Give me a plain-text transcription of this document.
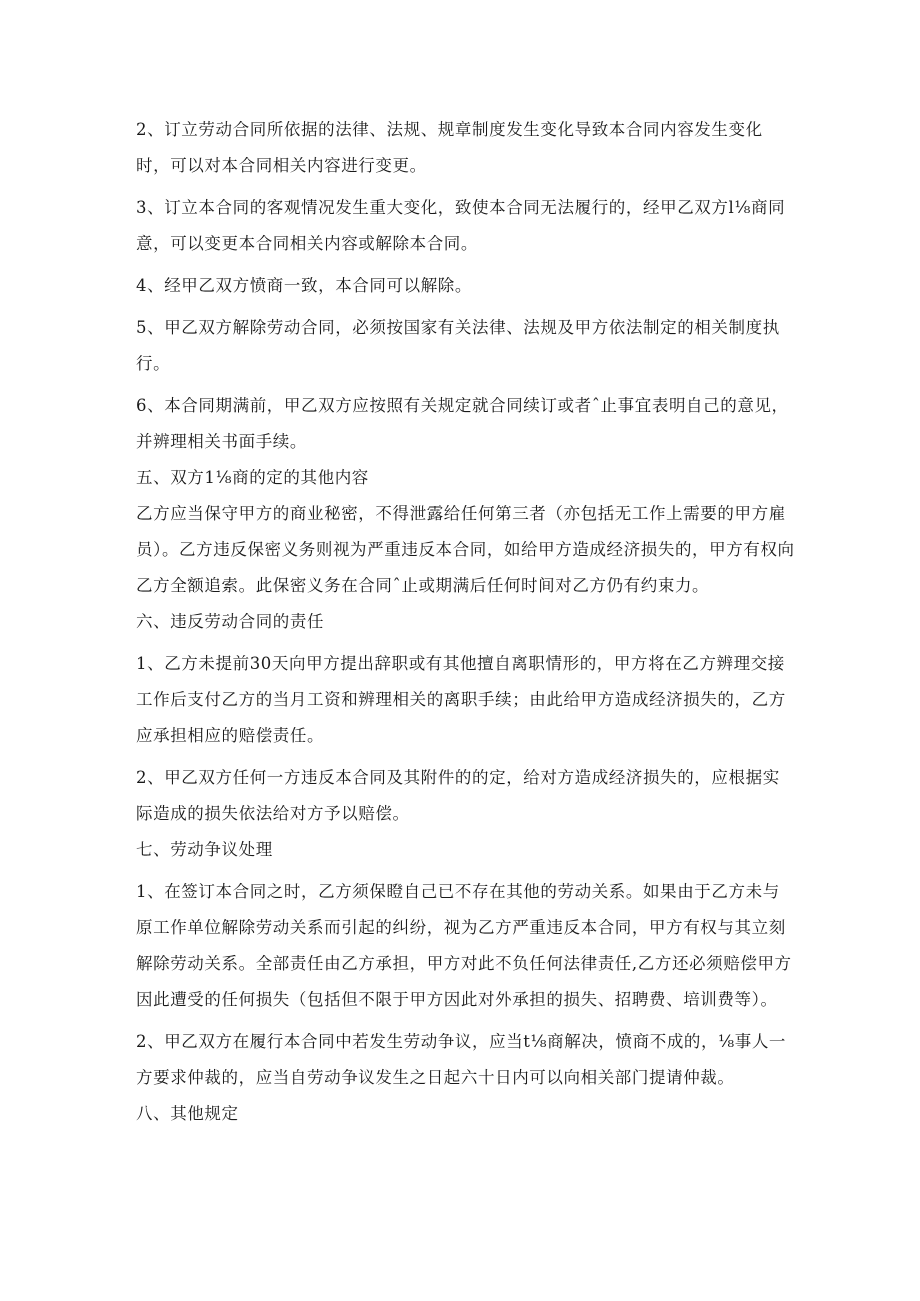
2、订立劳动合同所依据的法律、法规、规章制度发生变化导致本合同内容发生变化时，可以对本合同相关内容进行变更。

3、订立本合同的客观情况发生重大变化，致使本合同无法履行的，经甲乙双方l⅛商同意，可以变更本合同相关内容或解除本合同。

4、经甲乙双方愤商一致，本合同可以解除。

5、甲乙双方解除劳动合同，必须按国家有关法律、法规及甲方依法制定的相关制度执行。

6、本合同期满前，甲乙双方应按照有关规定就合同续订或者ˆ止事宜表明自己的意见，并辨理相关书面手续。

五、双方1⅛商的定的其他内容

乙方应当保守甲方的商业秘密，不得泄露给任何第三者（亦包括无工作上需要的甲方雇员）。乙方违反保密义务则视为严重违反本合同，如给甲方造成经济损失的，甲方有权向乙方全额追索。此保密义务在合同ˆ止或期满后任何时间对乙方仍有约束力。

六、违反劳动合同的责任

1、乙方未提前30天向甲方提出辞职或有其他擅自离职情形的，甲方将在乙方辨理交接工作后支付乙方的当月工资和辨理相关的离职手续；由此给甲方造成经济损失的，乙方应承担相应的赔偿责任。

2、甲乙双方任何一方违反本合同及其附件的的定，给对方造成经济损失的，应根据实际造成的损失依法给对方予以赔偿。

七、劳动争议处理

1、在签订本合同之时，乙方须保瞪自己已不存在其他的劳动关系。如果由于乙方未与原工作单位解除劳动关系而引起的纠纷，视为乙方严重违反本合同，甲方有权与其立刻解除劳动关系。全部责任由乙方承担，甲方对此不负任何法律责任,乙方还必须赔偿甲方因此遭受的任何损失（包括但不限于甲方因此对外承担的损失、招聘费、培训费等）。

2、甲乙双方在履行本合同中若发生劳动争议，应当t⅛商解决，愤商不成的，⅛事人一方要求仲裁的，应当自劳动争议发生之日起六十日内可以向相关部门提请仲裁。

八、其他规定
